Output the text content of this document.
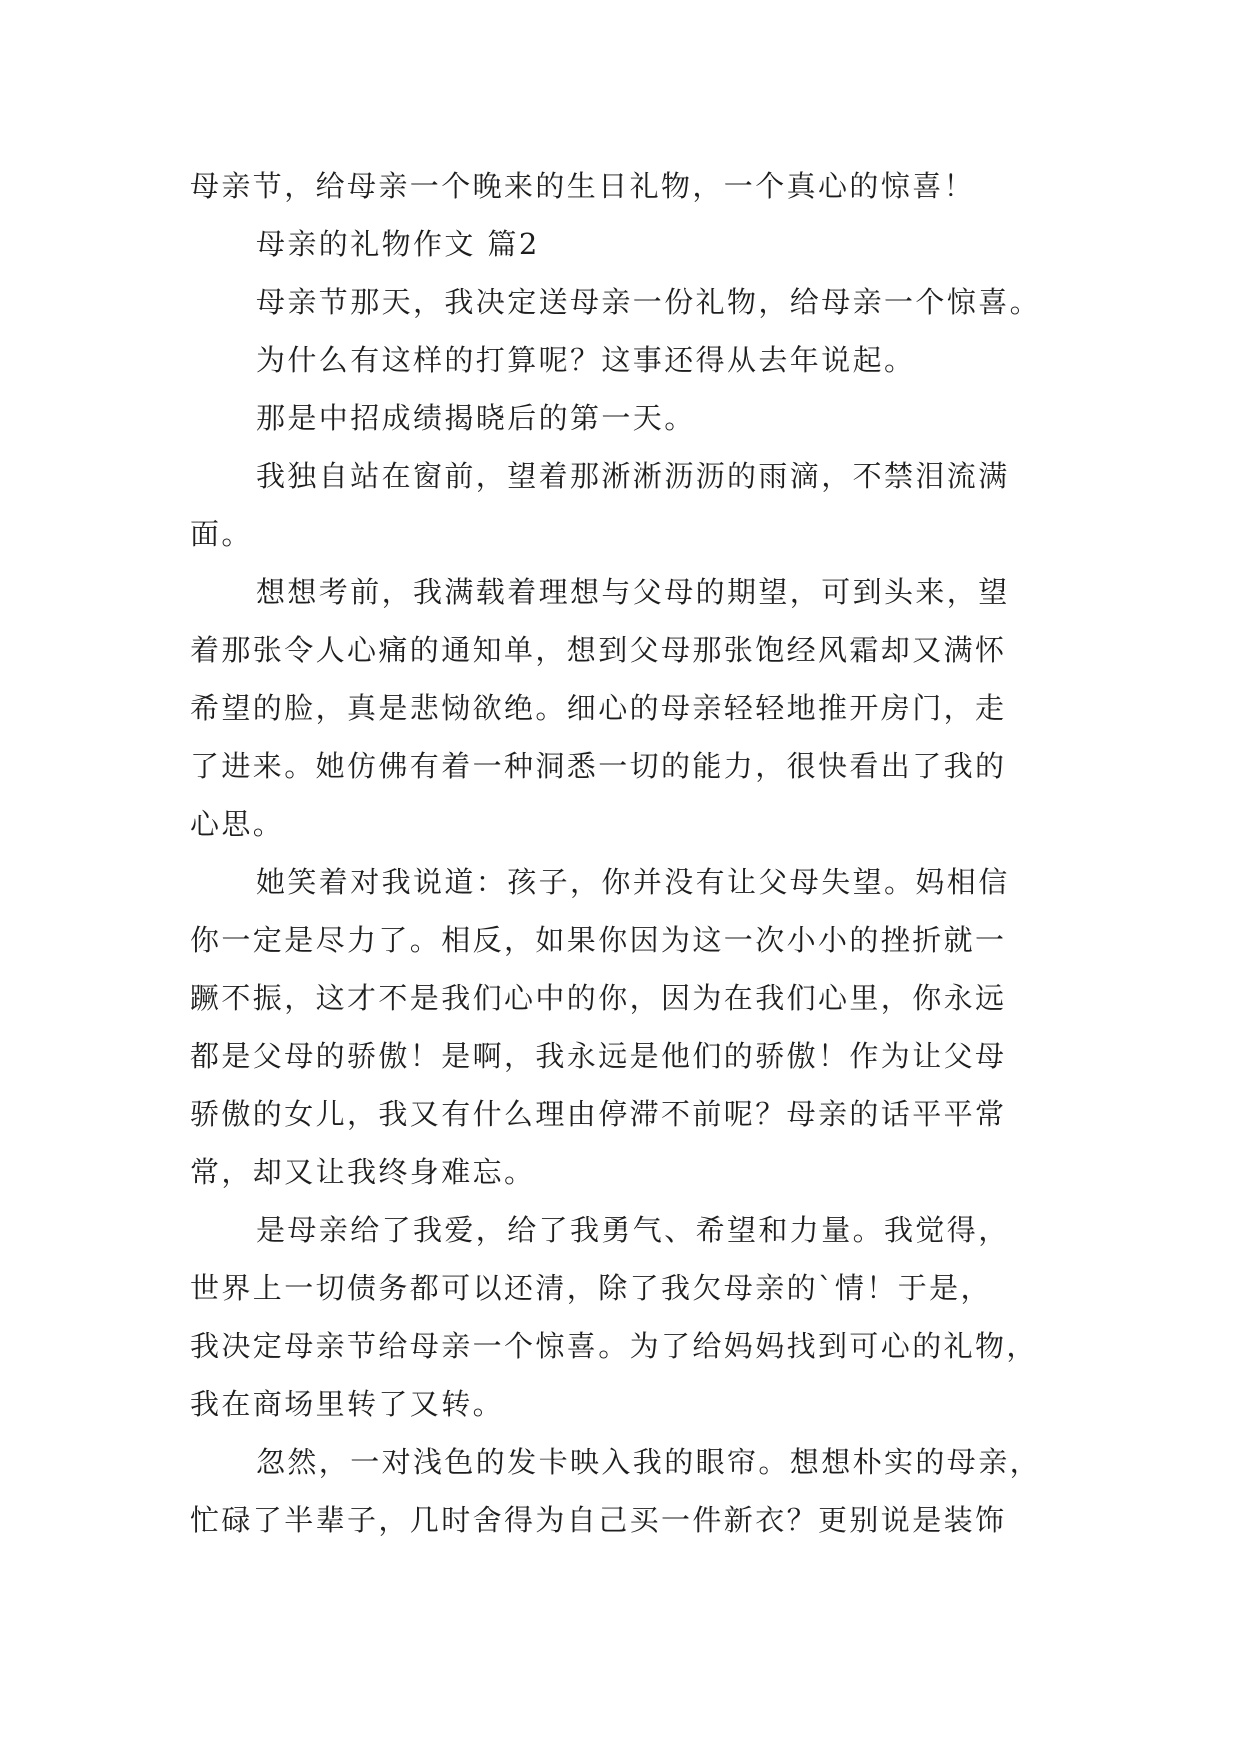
母亲节，给母亲一个晚来的生日礼物，一个真心的惊喜！
母亲的礼物作文 篇2
母亲节那天，我决定送母亲一份礼物，给母亲一个惊喜。
为什么有这样的打算呢？这事还得从去年说起。
那是中招成绩揭晓后的第一天。
我独自站在窗前，望着那淅淅沥沥的雨滴，不禁泪流满
面。
想想考前，我满载着理想与父母的期望，可到头来，望
着那张令人心痛的通知单，想到父母那张饱经风霜却又满怀
希望的脸，真是悲恸欲绝。细心的母亲轻轻地推开房门，走
了进来。她仿佛有着一种洞悉一切的能力，很快看出了我的
心思。
她笑着对我说道：孩子，你并没有让父母失望。妈相信
你一定是尽力了。相反，如果你因为这一次小小的挫折就一
蹶不振，这才不是我们心中的你，因为在我们心里，你永远
都是父母的骄傲！是啊，我永远是他们的骄傲！作为让父母
骄傲的女儿，我又有什么理由停滞不前呢？母亲的话平平常
常，却又让我终身难忘。
是母亲给了我爱，给了我勇气、希望和力量。我觉得，
世界上一切债务都可以还清，除了我欠母亲的`情！于是，
我决定母亲节给母亲一个惊喜。为了给妈妈找到可心的礼物，
我在商场里转了又转。
忽然，一对浅色的发卡映入我的眼帘。想想朴实的母亲，
忙碌了半辈子，几时舍得为自己买一件新衣？更别说是装饰
